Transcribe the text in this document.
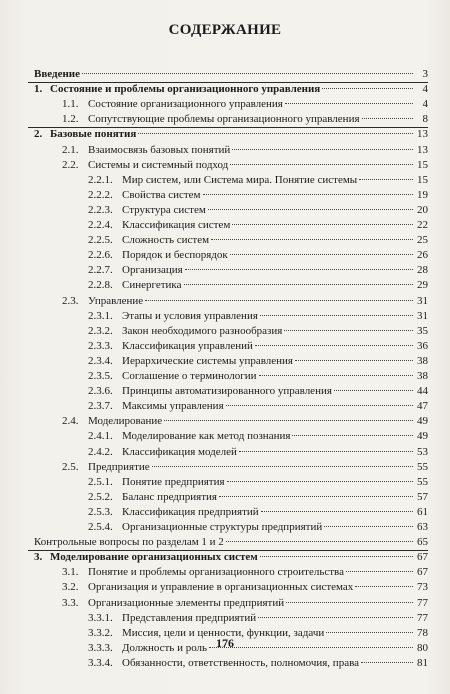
СОДЕРЖАНИЕ
Введение	3
1. Состояние и проблемы организационного управления	4
1.1. Состояние организационного управления	4
1.2. Сопутствующие проблемы организационного управления	8
2. Базовые понятия	13
2.1. Взаимосвязь базовых понятий	13
2.2. Системы и системный подход	15
2.2.1. Мир систем, или Система мира. Понятие системы	15
2.2.2. Свойства систем	19
2.2.3. Структура систем	20
2.2.4. Классификация систем	22
2.2.5. Сложность систем	25
2.2.6. Порядок и беспорядок	26
2.2.7. Организация	28
2.2.8. Синергетика	29
2.3. Управление	31
2.3.1. Этапы и условия управления	31
2.3.2. Закон необходимого разнообразия	35
2.3.3. Классификация управлений	36
2.3.4. Иерархические системы управления	38
2.3.5. Соглашение о терминологии	38
2.3.6. Принципы автоматизированного управления	44
2.3.7. Максимы управления	47
2.4. Моделирование	49
2.4.1. Моделирование как метод познания	49
2.4.2. Классификация моделей	53
2.5. Предприятие	55
2.5.1. Понятие предприятия	55
2.5.2. Баланс предприятия	57
2.5.3. Классификация предприятий	61
2.5.4. Организационные структуры предприятий	63
Контрольные вопросы по разделам 1 и 2	65
3. Моделирование организационных систем	67
3.1. Понятие и проблемы организационного строительства	67
3.2. Организация и управление в организационных системах	73
3.3. Организационные элементы предприятий	77
3.3.1. Представления предприятий	77
3.3.2. Миссия, цели и ценности, функции, задачи	78
3.3.3. Должность и роль	80
3.3.4. Обязанности, ответственность, полномочия, права	81
176
